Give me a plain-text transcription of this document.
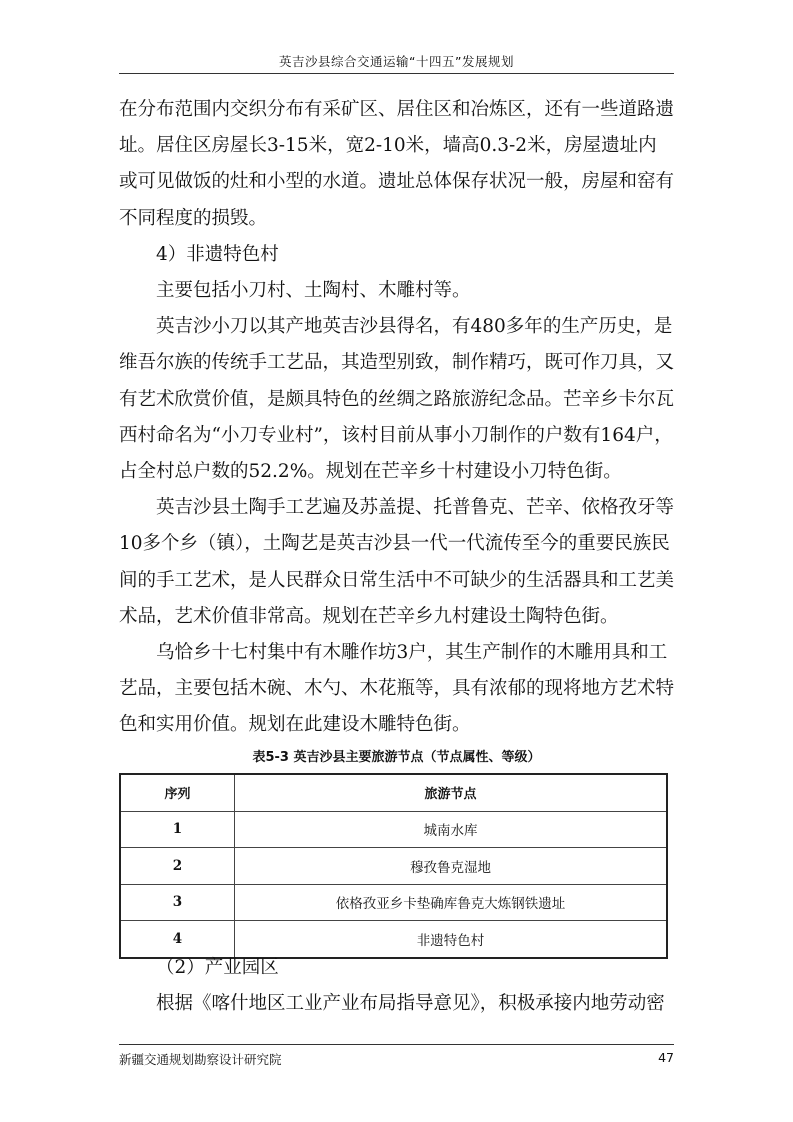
英吉沙县综合交通运输“十四五”发展规划

在分布范围内交织分布有采矿区、居住区和冶炼区，还有一些道路遗址。居住区房屋长3-15米，宽2-10米，墙高0.3-2米，房屋遗址内或可见做饭的灶和小型的水道。遗址总体保存状况一般，房屋和窑有不同程度的损毁。

4）非遗特色村

主要包括小刀村、土陶村、木雕村等。

英吉沙小刀以其产地英吉沙县得名，有480多年的生产历史，是维吾尔族的传统手工艺品，其造型别致，制作精巧，既可作刀具，又有艺术欣赏价值，是颇具特色的丝绸之路旅游纪念品。芒辛乡卡尔瓦西村命名为“小刀专业村”，该村目前从事小刀制作的户数有164户，占全村总户数的52.2%。规划在芒辛乡十村建设小刀特色街。

英吉沙县土陶手工艺遍及苏盖提、托普鲁克、芒辛、依格孜牙等10多个乡（镇），土陶艺是英吉沙县一代一代流传至今的重要民族民间的手工艺术，是人民群众日常生活中不可缺少的生活器具和工艺美术品，艺术价值非常高。规划在芒辛乡九村建设土陶特色街。

乌恰乡十七村集中有木雕作坊3户，其生产制作的木雕用具和工艺品，主要包括木碗、木勺、木花瓶等，具有浓郁的现将地方艺术特色和实用价值。规划在此建设木雕特色街。

表5-3 英吉沙县主要旅游节点（节点属性、等级）
序列	旅游节点
1	城南水库
2	穆孜鲁克湿地
3	依格孜亚乡卡垫确库鲁克大炼钢铁遗址
4	非遗特色村

（2）产业园区

根据《喀什地区工业产业布局指导意见》，积极承接内地劳动密

新疆交通规划勘察设计研究院	47
